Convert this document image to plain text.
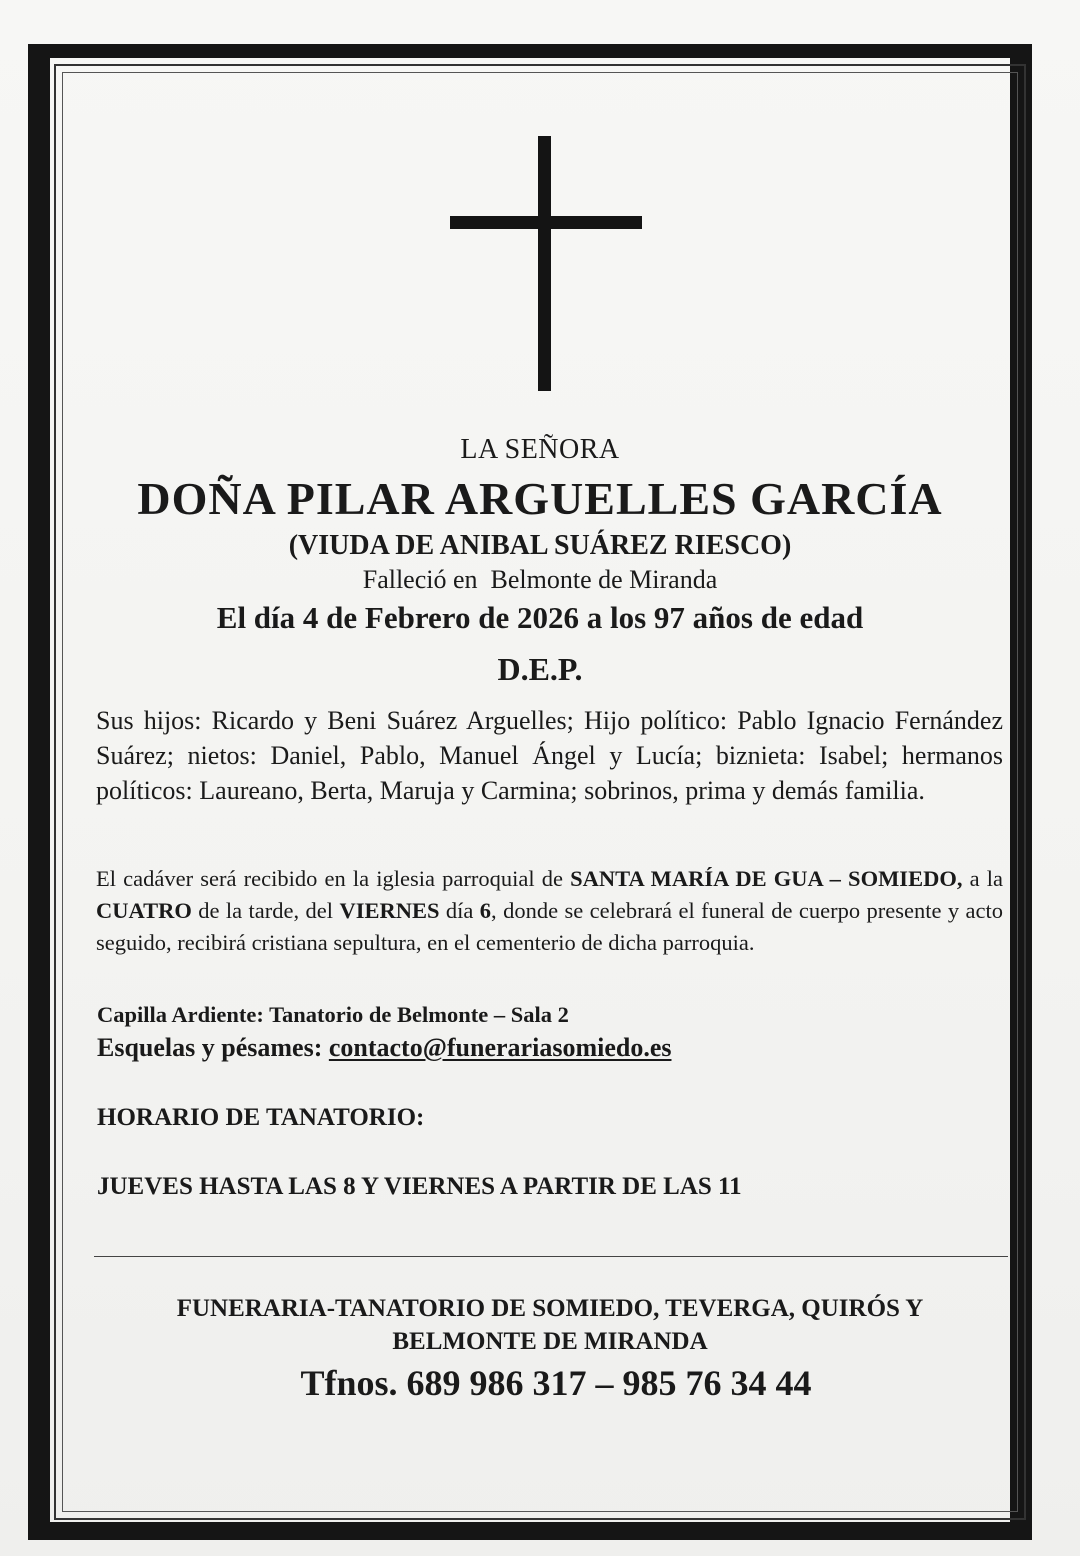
LA SEÑORA
DOÑA PILAR ARGUELLES GARCÍA
(VIUDA DE ANIBAL SUÁREZ RIESCO)
Falleció en  Belmonte de Miranda
El día 4 de Febrero de 2026 a los 97 años de edad
D.E.P.
Sus hijos: Ricardo y Beni Suárez Arguelles; Hijo político: Pablo Ignacio Fernández Suárez; nietos: Daniel, Pablo, Manuel Ángel y Lucía; biznieta: Isabel; hermanos políticos: Laureano, Berta, Maruja y Carmina; sobrinos, prima y demás familia.
El cadáver será recibido en la iglesia parroquial de SANTA MARÍA DE GUA – SOMIEDO, a la CUATRO de la tarde, del VIERNES día 6, donde se celebrará el funeral de cuerpo presente y acto seguido, recibirá cristiana sepultura, en el cementerio de dicha parroquia.
Capilla Ardiente: Tanatorio de Belmonte – Sala 2
Esquelas y pésames: contacto@funerariasomiedo.es
HORARIO DE TANATORIO:
JUEVES HASTA LAS 8 Y VIERNES A PARTIR DE LAS 11
FUNERARIA-TANATORIO DE SOMIEDO, TEVERGA, QUIRÓS Y
BELMONTE DE MIRANDA
Tfnos. 689 986 317 – 985 76 34 44
